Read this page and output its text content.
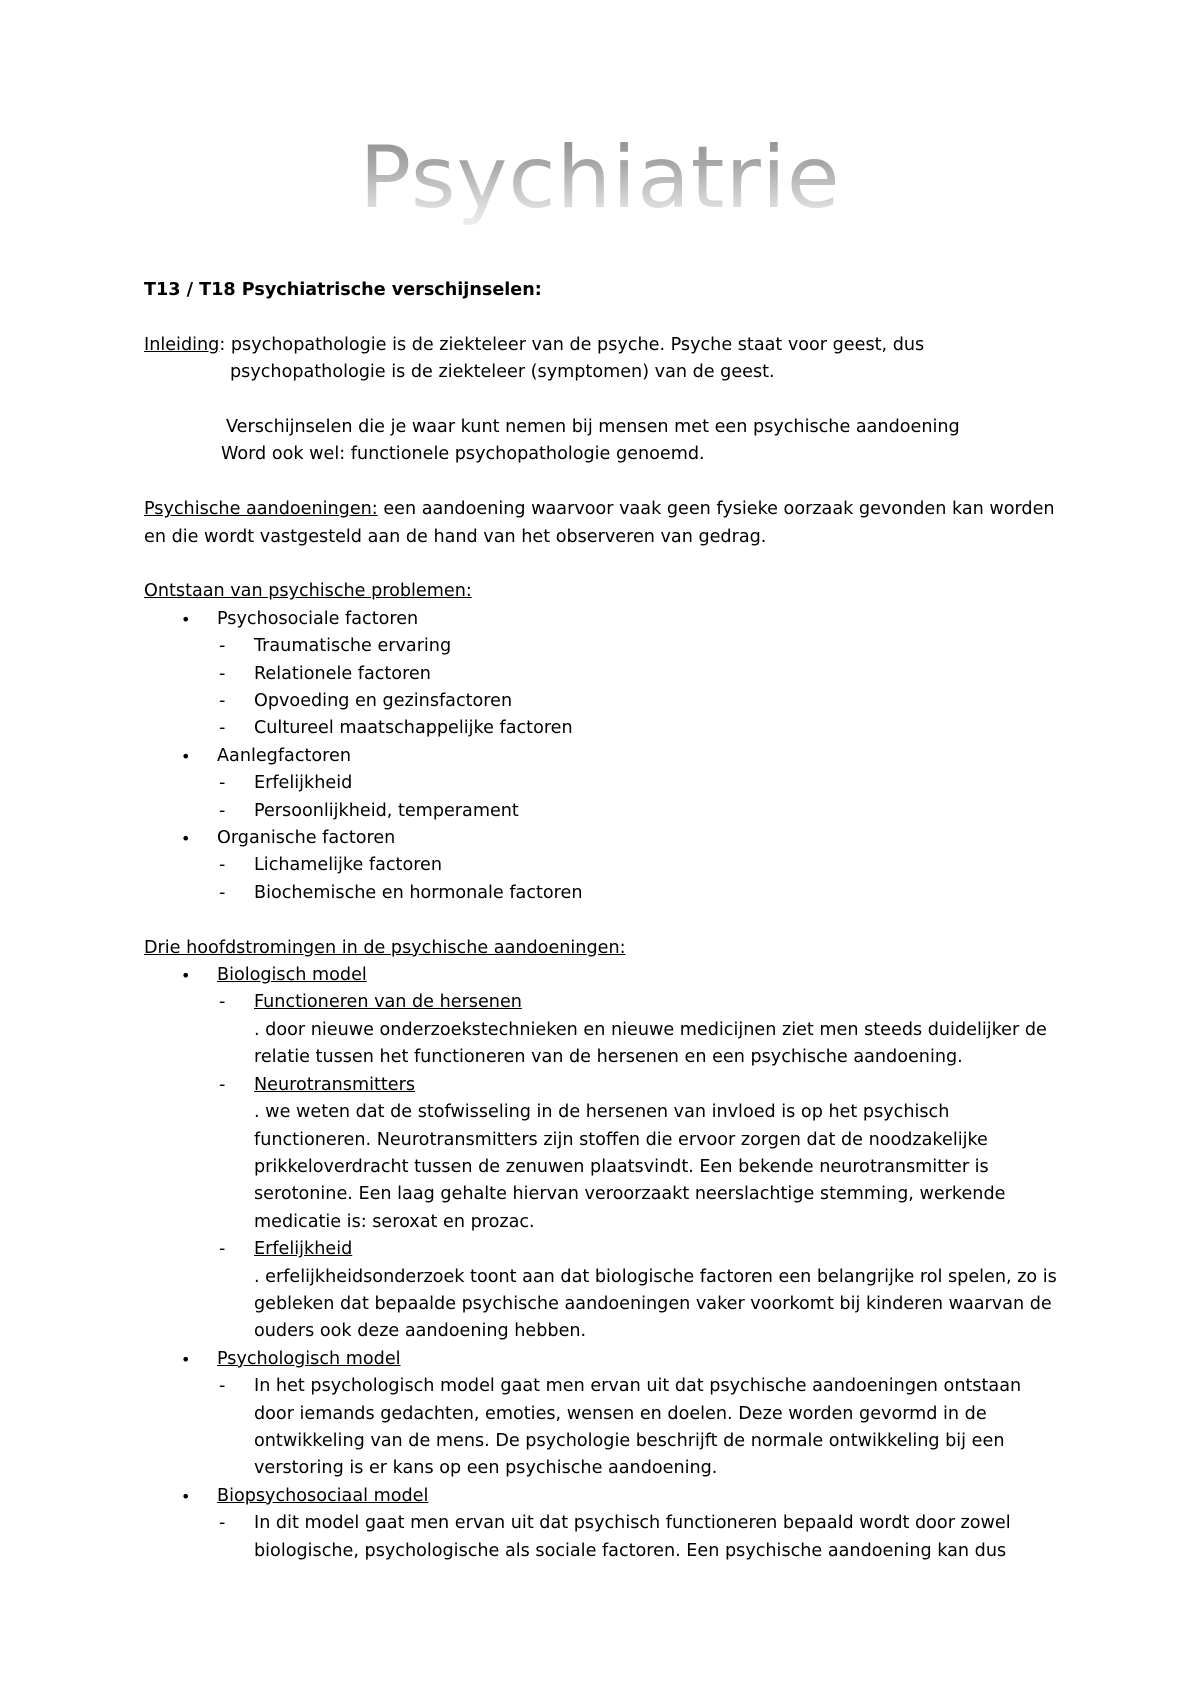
Psychiatrie

T13 / T18 Psychiatrische verschijnselen:

Inleiding: psychopathologie is de ziekteleer van de psyche. Psyche staat voor geest, dus

psychopathologie is de ziekteleer (symptomen) van de geest.

Verschijnselen die je waar kunt nemen bij mensen met een psychische aandoening

Word ook wel: functionele psychopathologie genoemd.

Psychische aandoeningen: een aandoening waarvoor vaak geen fysieke oorzaak gevonden kan worden en die wordt vastgesteld aan de hand van het observeren van gedrag.

Ontstaan van psychische problemen:

• Psychosociale factoren
- Traumatische ervaring
- Relationele factoren
- Opvoeding en gezinsfactoren
- Cultureel maatschappelijke factoren
• Aanlegfactoren
- Erfelijkheid
- Persoonlijkheid, temperament
• Organische factoren
- Lichamelijke factoren
- Biochemische en hormonale factoren

Drie hoofdstromingen in de psychische aandoeningen:

• Biologisch model
- Functioneren van de hersenen
. door nieuwe onderzoekstechnieken en nieuwe medicijnen ziet men steeds duidelijker de relatie tussen het functioneren van de hersenen en een psychische aandoening.
- Neurotransmitters
. we weten dat de stofwisseling in de hersenen van invloed is op het psychisch functioneren. Neurotransmitters zijn stoffen die ervoor zorgen dat de noodzakelijke prikkeloverdracht tussen de zenuwen plaatsvindt. Een bekende neurotransmitter is serotonine. Een laag gehalte hiervan veroorzaakt neerslachtige stemming, werkende medicatie is: seroxat en prozac.
- Erfelijkheid
. erfelijkheidsonderzoek toont aan dat biologische factoren een belangrijke rol spelen, zo is gebleken dat bepaalde psychische aandoeningen vaker voorkomt bij kinderen waarvan de ouders ook deze aandoening hebben.
• Psychologisch model
- In het psychologisch model gaat men ervan uit dat psychische aandoeningen ontstaan door iemands gedachten, emoties, wensen en doelen. Deze worden gevormd in de ontwikkeling van de mens. De psychologie beschrijft de normale ontwikkeling bij een verstoring is er kans op een psychische aandoening.
• Biopsychosociaal model
- In dit model gaat men ervan uit dat psychisch functioneren bepaald wordt door zowel biologische, psychologische als sociale factoren. Een psychische aandoening kan dus
